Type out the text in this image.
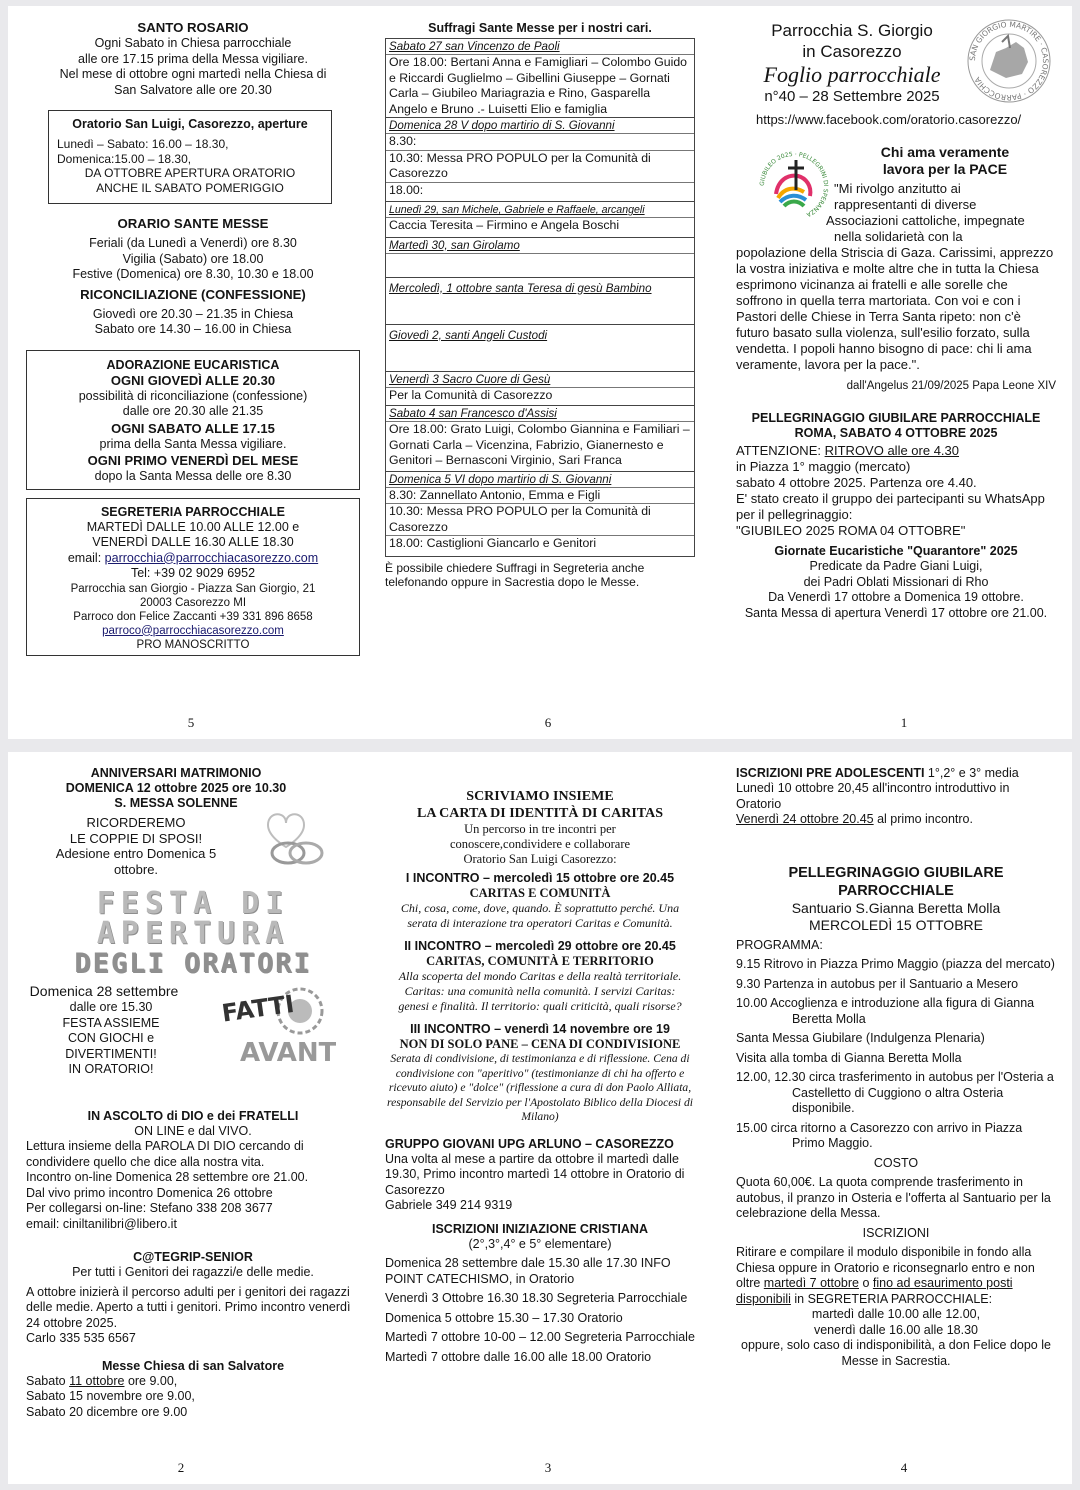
SANTO ROSARIO

Ogni Sabato in Chiesa parrocchiale

alle ore 17.15 prima della Messa vigiliare.

Nel mese di ottobre ogni martedì nella Chiesa di

San Salvatore alle ore 20.30

Oratorio San Luigi, Casorezzo, aperture

Lunedì – Sabato: 16.00 – 18.30,

Domenica:15.00 – 18.30,

DA OTTOBRE APERTURA ORATORIO

ANCHE IL SABATO POMERIGGIO

ORARIO SANTE MESSE

Feriali (da Lunedì a Venerdì) ore 8.30

Vigilia (Sabato) ore 18.00

Festive (Domenica) ore 8.30, 10.30 e 18.00

RICONCILIAZIONE (CONFESSIONE)

Giovedì ore 20.30 – 21.35 in Chiesa

Sabato ore 14.30 – 16.00 in Chiesa

ADORAZIONE EUCARISTICA
OGNI GIOVEDÌ ALLE 20.30

possibilità di riconciliazione (confessione)

dalle ore 20.30 alle 21.35

OGNI SABATO ALLE 17.15

prima della Santa Messa vigiliare.

OGNI PRIMO VENERDÌ DEL MESE

dopo la Santa Messa delle ore 8.30

SEGRETERIA PARROCCHIALE

MARTEDÌ DALLE 10.00 ALLE 12.00 e

VENERDÌ DALLE 16.30 ALLE 18.30

email: parrocchia@parrocchiacasorezzo.com

Tel: +39 02 9029 6952

Parrocchia san Giorgio - Piazza San Giorgio, 21

20003 Casorezzo MI

Parroco don Felice Zaccanti +39 331 896 8658

parroco@parrocchiacasorezzo.com

PRO MANOSCRITTO

5
Suffragi Sante Messe per i nostri cari.
Sabato 27 san Vincenzo de Paoli
Ore 18.00: Bertani Anna e Famigliari – Colombo Guido e Riccardi Guglielmo – Gibellini Giuseppe – Gornati Carla – Giubileo Mariagrazia e Rino, Gasparella Angelo e Bruno .- Luisetti Elio e famiglia
Domenica 28 V dopo martirio di S. Giovanni
8.30:
10.30: Messa PRO POPULO per la Comunità di Casorezzo
18.00:
Lunedì 29, san Michele, Gabriele e Raffaele, arcangeli
Caccia Teresita – Firmino e Angela Boschi
Martedì 30, san Girolamo
Mercoledì, 1 ottobre santa Teresa di gesù Bambino
Giovedì 2, santi Angeli Custodi
Venerdì 3 Sacro Cuore di Gesù
Per la Comunità di Casorezzo
Sabato 4 san Francesco d'Assisi
Ore 18.00: Grato Luigi, Colombo Giannina e Familiari – Gornati Carla – Vicenzina, Fabrizio, Gianernesto e Genitori – Bernasconi Virginio, Sari Franca
Domenica 5 VI dopo martirio di S. Giovanni
8.30: Zannellato Antonio, Emma e Figli
10.30: Messa PRO POPULO per la Comunità di Casorezzo
18.00: Castiglioni Giancarlo e Genitori

È possibile chiedere Suffragi in Segreteria anche telefonando oppure in Sacrestia dopo le Messe.

6
Parrocchia S. Giorgio
in Casorezzo
Foglio parrocchiale
n°40 – 28 Settembre 2025
SAN GIORGIO MARTIRE · CASOREZZO · PARROCCHIA
https://www.facebook.com/oratorio.casorezzo/
GIUBILEO 2025 · PELLEGRINI DI SPERANZA
Chi ama veramente
lavora per la PACE

"Mi rivolgo anzitutto ai

rappresentanti di diverse

Associazioni cattoliche, impegnate

nella solidarietà con la

popolazione della Striscia di Gaza. Carissimi, apprezzo la vostra iniziativa e molte altre che in tutta la Chiesa esprimono vicinanza ai fratelli e alle sorelle che soffrono in quella terra martoriata. Con voi e con i Pastori delle Chiese in Terra Santa ripeto: non c'è futuro basato sulla violenza, sull'esilio forzato, sulla vendetta. I popoli hanno bisogno di pace: chi li ama veramente, lavora per la pace.".

dall'Angelus 21/09/2025 Papa Leone XIV

PELLEGRINAGGIO GIUBILARE PARROCCHIALE
ROMA, SABATO 4 OTTOBRE 2025

ATTENZIONE: RITROVO alle ore 4.30

in Piazza 1° maggio (mercato)

sabato 4 ottobre 2025. Partenza ore 4.40.

E' stato creato il gruppo dei partecipanti su WhatsApp per il pellegrinaggio:

"GIUBILEO 2025 ROMA 04 OTTOBRE"

Giornate Eucaristiche "Quarantore" 2025

Predicate da Padre Giani Luigi,

dei Padri Oblati Missionari di Rho

Da Venerdì 17 ottobre a Domenica 19 ottobre.

Santa Messa di apertura Venerdì 17 ottobre ore 21.00.

1
ANNIVERSARI MATRIMONIO
DOMENICA 12 ottobre 2025 ore 10.30
S. MESSA SOLENNE

RICORDEREMO

LE COPPIE DI SPOSI!

Adesione entro Domenica 5

ottobre.

FESTA DI
APERTURA
DEGLI ORATORI

Domenica 28 settembre

dalle ore 15.30

FESTA ASSIEME

CON GIOCHI e

DIVERTIMENTI!

IN ORATORIO!

FATTI
AVANTI
IN ASCOLTO di DIO e dei FRATELLI
ON LINE e dal VIVO.

Lettura insieme della PAROLA DI DIO cercando di condividere quello che dice alla nostra vita.

Incontro on-line Domenica 28 settembre ore 21.00.

Dal vivo primo incontro Domenica 26 ottobre

Per collegarsi on-line: Stefano 338 208 3677

email: ciniltanilibri@libero.it

C@TEGRIP-SENIOR

Per tutti i Genitori dei ragazzi/e delle medie.

A ottobre inizierà il percorso adulti per i genitori dei ragazzi delle medie. Aperto a tutti i genitori. Primo incontro venerdì 24 ottobre 2025.

Carlo 335 535 6567

Messe Chiesa di san Salvatore

Sabato 11 ottobre ore 9.00,

Sabato 15 novembre ore 9.00,

Sabato 20 dicembre ore 9.00

2
SCRIVIAMO INSIEME
LA CARTA DI IDENTITÀ DI CARITAS
Un percorso in tre incontri per
conoscere,condividere e collaborare
Oratorio San Luigi Casorezzo:
I INCONTRO – mercoledì 15 ottobre ore 20.45
CARITAS E COMUNITÀ
Chi, cosa, come, dove, quando. È soprattutto perché. Una serata di interazione tra operatori Caritas e Comunità.
II INCONTRO – mercoledì 29 ottobre ore 20.45
CARITAS, COMUNITÀ E TERRITORIO
Alla scoperta del mondo Caritas e della realtà territoriale. Caritas: una comunità nella comunità. I servizi Caritas: genesi e finalità. Il territorio: quali criticità, quali risorse?
III INCONTRO – venerdì 14 novembre ore 19
NON DI SOLO PANE – CENA DI CONDIVISIONE
Serata di condivisione, di testimonianza e di riflessione. Cena di condivisione con "aperitivo" (testimonianze di chi ha offerto e ricevuto aiuto) e "dolce" (riflessione a cura di don Paolo Alliata, responsabile del Servizio per l'Apostolato Biblico della Diocesi di Milano)
GRUPPO GIOVANI UPG ARLUNO – CASOREZZO

Una volta al mese a partire da ottobre il martedì dalle 19.30, Primo incontro martedì 14 ottobre in Oratorio di Casorezzo

Gabriele 349 214 9319

ISCRIZIONI INIZIAZIONE CRISTIANA

(2°,3°,4° e 5° elementare)

Domenica 28 settembre dale 15.30 alle 17.30 INFO POINT CATECHISMO, in Oratorio

Venerdì 3 Ottobre 16.30 18.30 Segreteria Parrocchiale

Domenica 5 ottobre 15.30 – 17.30 Oratorio

Martedì 7 ottobre 10-00 – 12.00 Segreteria Parrocchiale

Martedì 7 ottobre dalle 16.00 alle 18.00 Oratorio

3
ISCRIZIONI PRE ADOLESCENTI 1°,2° e 3° media

Lunedì 10 ottobre 20,45 all'incontro introduttivo in Oratorio

Venerdì 24 ottobre 20.45 al primo incontro.

PELLEGRINAGGIO GIUBILARE
PARROCCHIALE
Santuario S.Gianna Beretta Molla
MERCOLEDÌ 15 OTTOBRE

PROGRAMMA:

9.15 Ritrovo in Piazza Primo Maggio (piazza del mercato)

9.30 Partenza in autobus per il Santuario a Mesero

10.00 Accoglienza e introduzione alla figura di Gianna Beretta Molla

Santa Messa Giubilare (Indulgenza Plenaria)

Visita alla tomba di Gianna Beretta Molla

12.00, 12.30 circa trasferimento in autobus per l'Osteria a Castelletto di Cuggiono o altra Osteria disponibile.

15.00 circa ritorno a Casorezzo con arrivo in Piazza Primo Maggio.

COSTO

Quota 60,00€. La quota comprende trasferimento in autobus, il pranzo in Osteria e l'offerta al Santuario per la celebrazione della Messa.

ISCRIZIONI

Ritirare e compilare il modulo disponibile in fondo alla Chiesa oppure in Oratorio e riconsegnarlo entro e non oltre martedì 7 ottobre o fino ad esaurimento posti disponibili in SEGRETERIA PARROCCHIALE:

martedì dalle 10.00 alle 12.00,

venerdì dalle 16.00 alle 18.30

oppure, solo caso di indisponibilità, a don Felice dopo le Messe in Sacrestia.

4
